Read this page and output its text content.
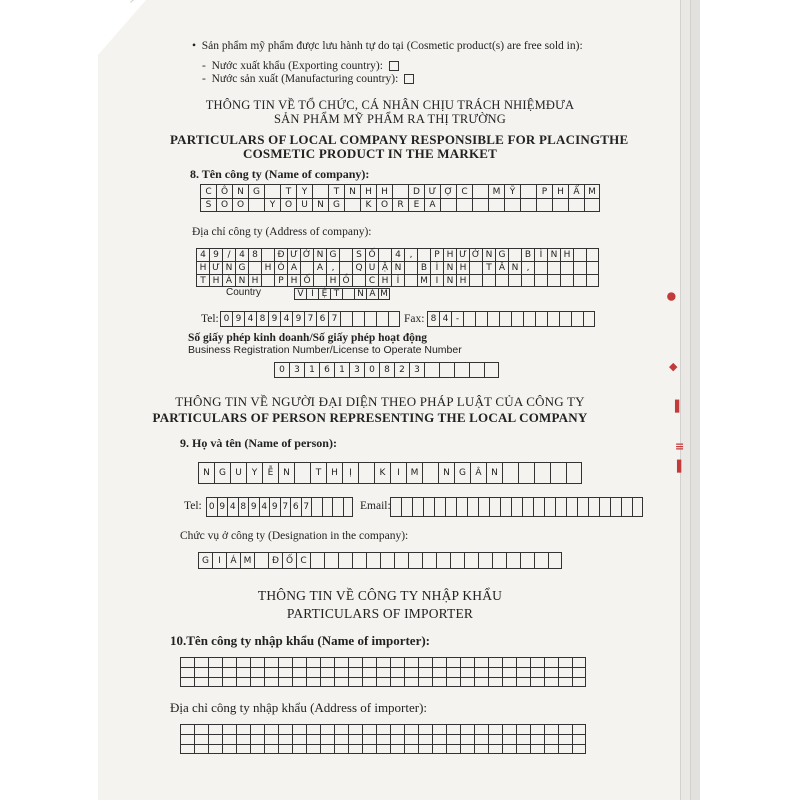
•  Sản phẩm mỹ phẩm được lưu hành tự do tại (Cosmetic product(s) are free sold in):
-  Nước xuất khẩu (Exporting country):
-  Nước sản xuất (Manufacturing country):
THÔNG TIN VỀ TỔ CHỨC, CÁ NHÂN CHỊU TRÁCH NHIỆMĐƯA
SẢN PHẨM MỸ PHẨM RA THỊ TRƯỜNG
PARTICULARS OF LOCAL COMPANY RESPONSIBLE FOR PLACINGTHE
COSMETIC PRODUCT IN THE MARKET
8. Tên công ty (Name of company):
C	Ô	N	G	T	Y	T	N	H	H	D Ư Ợ C	M	Ỹ	P	H	Ẩ M
S	O O	Y	O	U	N	G	K	O	R	E	A
Địa chỉ công ty (Address of company):
4 9 / 4 8	Đ Ư Ờ N G	S Ố	4 ,	P H Ư Ờ N G	B Ì N H
H Ư N G	H Ò A	A ,	Q U Ậ N	B Ì N H	T Â N ,
T H À N H	P H Ố	H Ồ	C H Í	M I N H
Country	V I Ệ T	N A M
Tel: 0 9 4 8 9 4 9 7 6 7	Fax: 8 4 -
Số giấy phép kinh doanh/Số giấy phép hoạt động
Business Registration Number/License to Operate Number
0	3	1	6	1	3	0	8	2	3
THÔNG TIN VỀ NGƯỜI ĐẠI DIỆN THEO PHÁP LUẬT CỦA CÔNG TY
PARTICULARS OF PERSON REPRESENTING THE LOCAL COMPANY
9. Họ và tên (Name of person):
N	G	U	Y	Ễ	N	T	H	Ị	K	I	M	N	G	Â	N
Tel: 0 9 4 8 9 4 9 7 6 7	Email:
Chức vụ ở công ty (Designation in the company):
G	I	Á M	Đ Ố C
THÔNG TIN VỀ CÔNG TY NHẬP KHẨU
PARTICULARS OF IMPORTER
10.Tên công ty nhập khẩu (Name of importer):
Địa chỉ công ty nhập khẩu (Address of importer):
●
◆
▌
≡
▌
